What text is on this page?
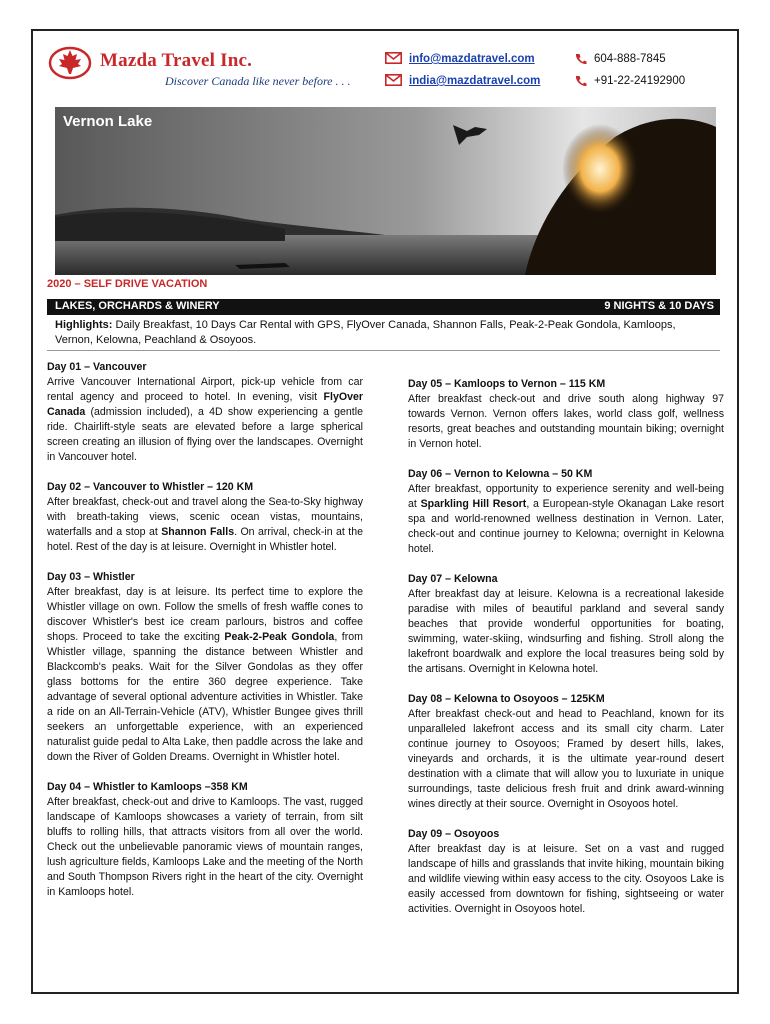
Mazda Travel Inc.
Discover Canada like never before . . .
info@mazdatravel.com
india@mazdatravel.com
604-888-7845
+91-22-24192900
Vernon Lake
2020 – SELF DRIVE VACATION
LAKES, ORCHARDS & WINERY	9 NIGHTS & 10 DAYS
Highlights: Daily Breakfast, 10 Days Car Rental with GPS, FlyOver Canada, Shannon Falls, Peak-2-Peak Gondola, Kamloops, Vernon, Kelowna, Peachland & Osoyoos.
Day 01 – Vancouver

Arrive Vancouver International Airport, pick-up vehicle from car rental agency and proceed to hotel. In evening, visit FlyOver Canada (admission included), a 4D show experiencing a gentle ride. Chairlift-style seats are elevated before a large spherical screen creating an illusion of flying over the landscapes. Overnight in Vancouver hotel.

Day 02 – Vancouver to Whistler – 120 KM

After breakfast, check-out and travel along the Sea-to-Sky highway with breath-taking views, scenic ocean vistas, mountains, waterfalls and a stop at Shannon Falls. On arrival, check-in at the hotel. Rest of the day is at leisure. Overnight in Whistler hotel.

Day 03 – Whistler

After breakfast, day is at leisure. Its perfect time to explore the Whistler village on own. Follow the smells of fresh waffle cones to discover Whistler's best ice cream parlours, bistros and coffee shops. Proceed to take the exciting Peak-2-Peak Gondola, from Whistler village, spanning the distance between Whistler and Blackcomb's peaks. Wait for the Silver Gondolas as they offer glass bottoms for the entire 360 degree experience. Take advantage of several optional adventure activities in Whistler. Take a ride on an All-Terrain-Vehicle (ATV), Whistler Bungee gives thrill seekers an unforgettable experience, with an experienced naturalist guide pedal to Alta Lake, then paddle across the lake and down the River of Golden Dreams. Overnight in Whistler hotel.

Day 04 – Whistler to Kamloops –358 KM

After breakfast, check-out and drive to Kamloops. The vast, rugged landscape of Kamloops showcases a variety of terrain, from silt bluffs to rolling hills, that attracts visitors from all over the world. Check out the unbelievable panoramic views of mountain ranges, lush agriculture fields, Kamloops Lake and the meeting of the North and South Thompson Rivers right in the heart of the city. Overnight in Kamloops hotel.

Day 05 – Kamloops to Vernon – 115 KM

After breakfast check-out and drive south along highway 97 towards Vernon. Vernon offers lakes, world class golf, wellness resorts, great beaches and outstanding mountain biking; overnight in Vernon hotel.

Day 06 – Vernon to Kelowna – 50 KM

After breakfast, opportunity to experience serenity and well-being at Sparkling Hill Resort, a European-style Okanagan Lake resort spa and world-renowned wellness destination in Vernon. Later, check-out and continue journey to Kelowna; overnight in Kelowna hotel.

Day 07 – Kelowna

After breakfast day at leisure. Kelowna is a recreational lakeside paradise with miles of beautiful parkland and several sandy beaches that provide wonderful opportunities for boating, swimming, water-skiing, windsurfing and fishing. Stroll along the lakefront boardwalk and explore the local treasures being sold by the artisans. Overnight in Kelowna hotel.

Day 08 – Kelowna to Osoyoos – 125KM

After breakfast check-out and head to Peachland, known for its unparalleled lakefront access and its small city charm. Later continue journey to Osoyoos; Framed by desert hills, lakes, vineyards and orchards, it is the ultimate year-round desert destination with a climate that will allow you to luxuriate in unique surroundings, taste delicious fresh fruit and drink award-winning wines directly at their source. Overnight in Osoyoos hotel.

Day 09 – Osoyoos

After breakfast day is at leisure. Set on a vast and rugged landscape of hills and grasslands that invite hiking, mountain biking and wildlife viewing within easy access to the city. Osoyoos Lake is easily accessed from downtown for fishing, sightseeing or water activities. Overnight in Osoyoos hotel.
